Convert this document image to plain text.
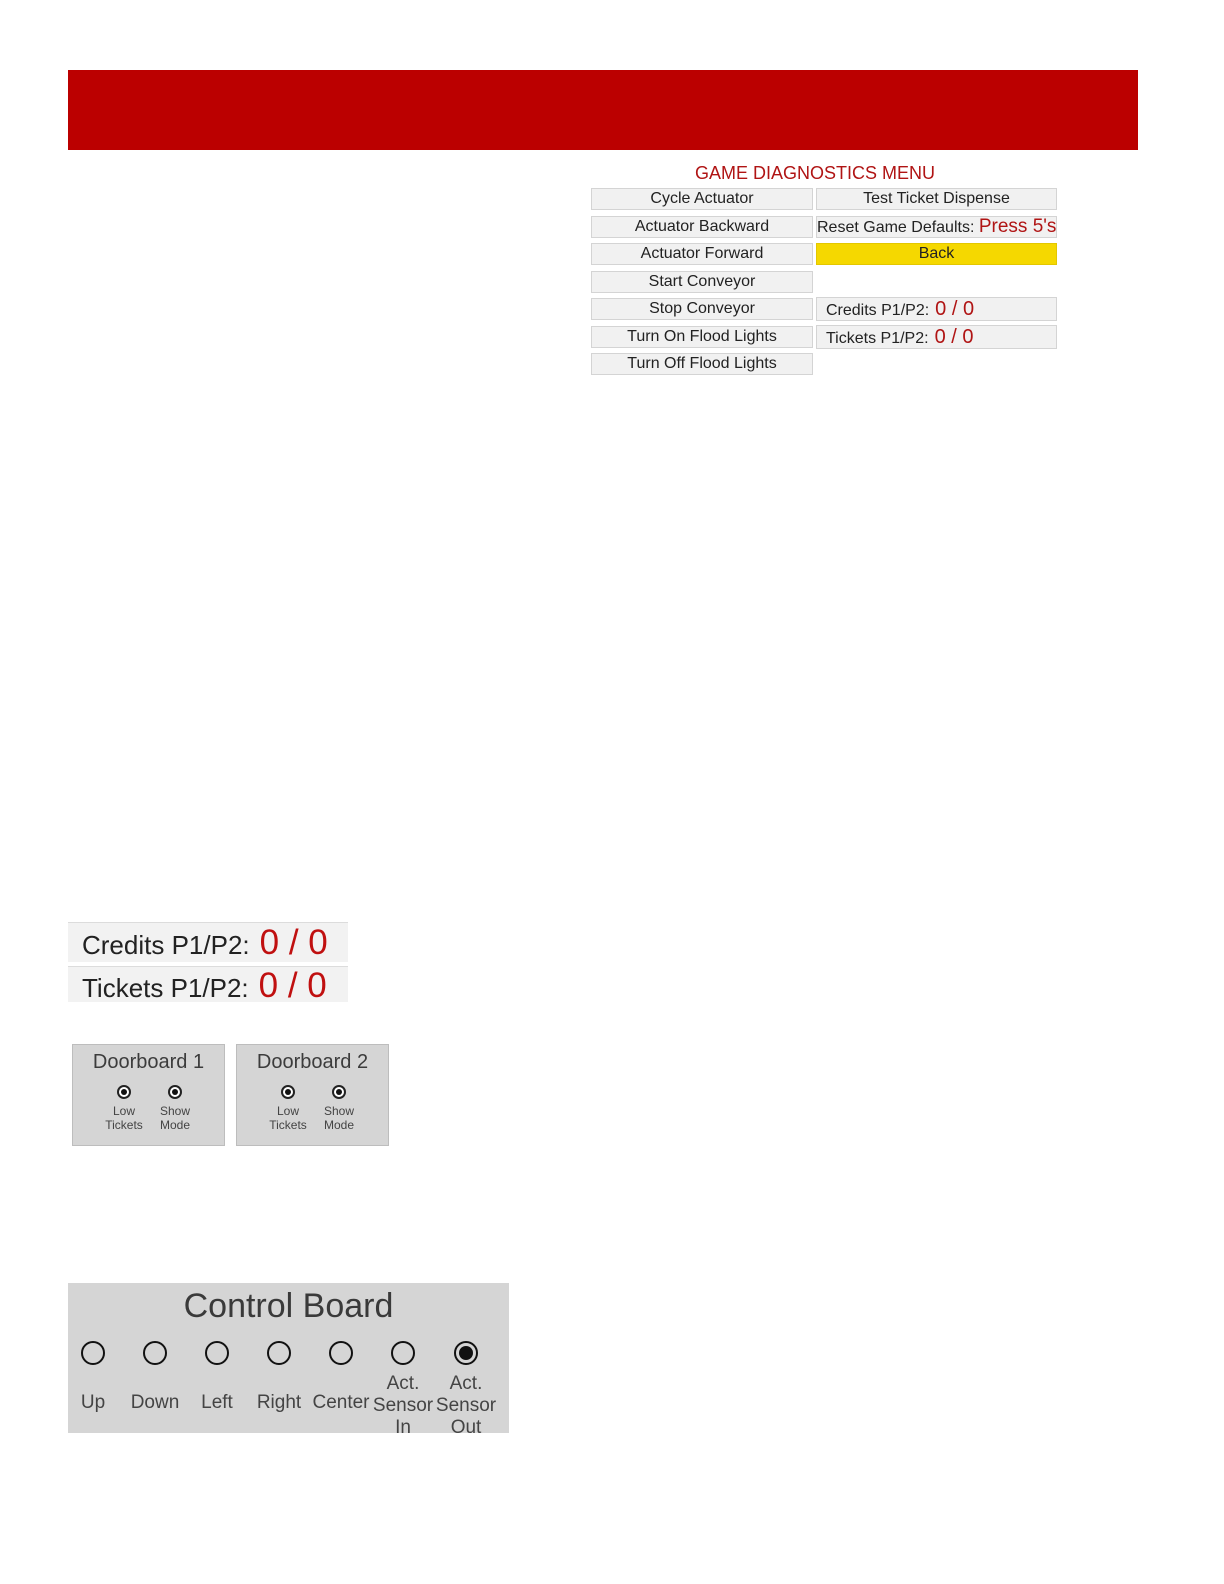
GAME DIAGNOSTICS MENU
Cycle Actuator
Actuator Backward
Actuator Forward
Start Conveyor
Stop Conveyor
Turn On Flood Lights
Turn Off Flood Lights
Test Ticket Dispense
Reset Game Defaults: Press 5's
Back
Credits P1/P2: 0 / 0
Tickets P1/P2: 0 / 0
Credits P1/P2: 0 / 0
Tickets P1/P2: 0 / 0
Doorboard 1
Low Tickets
Show Mode
Doorboard 2
Low Tickets
Show Mode
Control Board
Up	Down	Left	Right Center
Act. Sensor In
Act. Sensor Out
